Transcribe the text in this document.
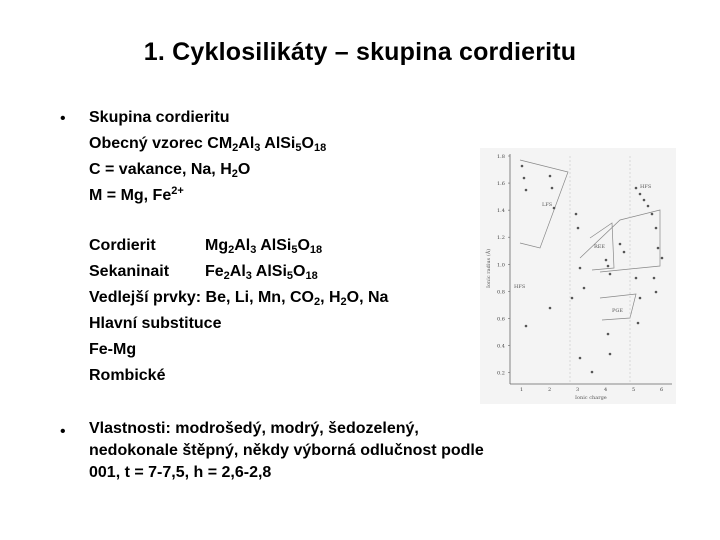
1. Cyklosilikáty – skupina cordieritu
• Skupina cordieritu
Obecný vzorec $CM_2Al_3$ $AlSi_5O_{18}$
C = vakance, Na, $H_2O$
M = Mg, $Fe^{2+}$
Cordierit	$Mg_2Al_3$ $AlSi_5O_{18}$
Sekaninait $Fe_2Al_3$ $AlSi_5O_{18}$
Vedlejší prvky: Be, Li, Mn, $CO_2$, $H_2O$, Na
Hlavní substituce
Fe-Mg
Rombické
• Vlastnosti: modrošedý, modrý, šedozelený, nedokonale štěpný, někdy výborná odlučnost podle 001, t = 7-7,5, h = 2,6-2,8
1.8
1.6
1.4
1.2
1.0
0.8
0.6
0.4
0.2
1	2	3	4	5	6
Ionic radius (Å)
Ionic charge
LFS
HFS
REE
HFS
PGE
